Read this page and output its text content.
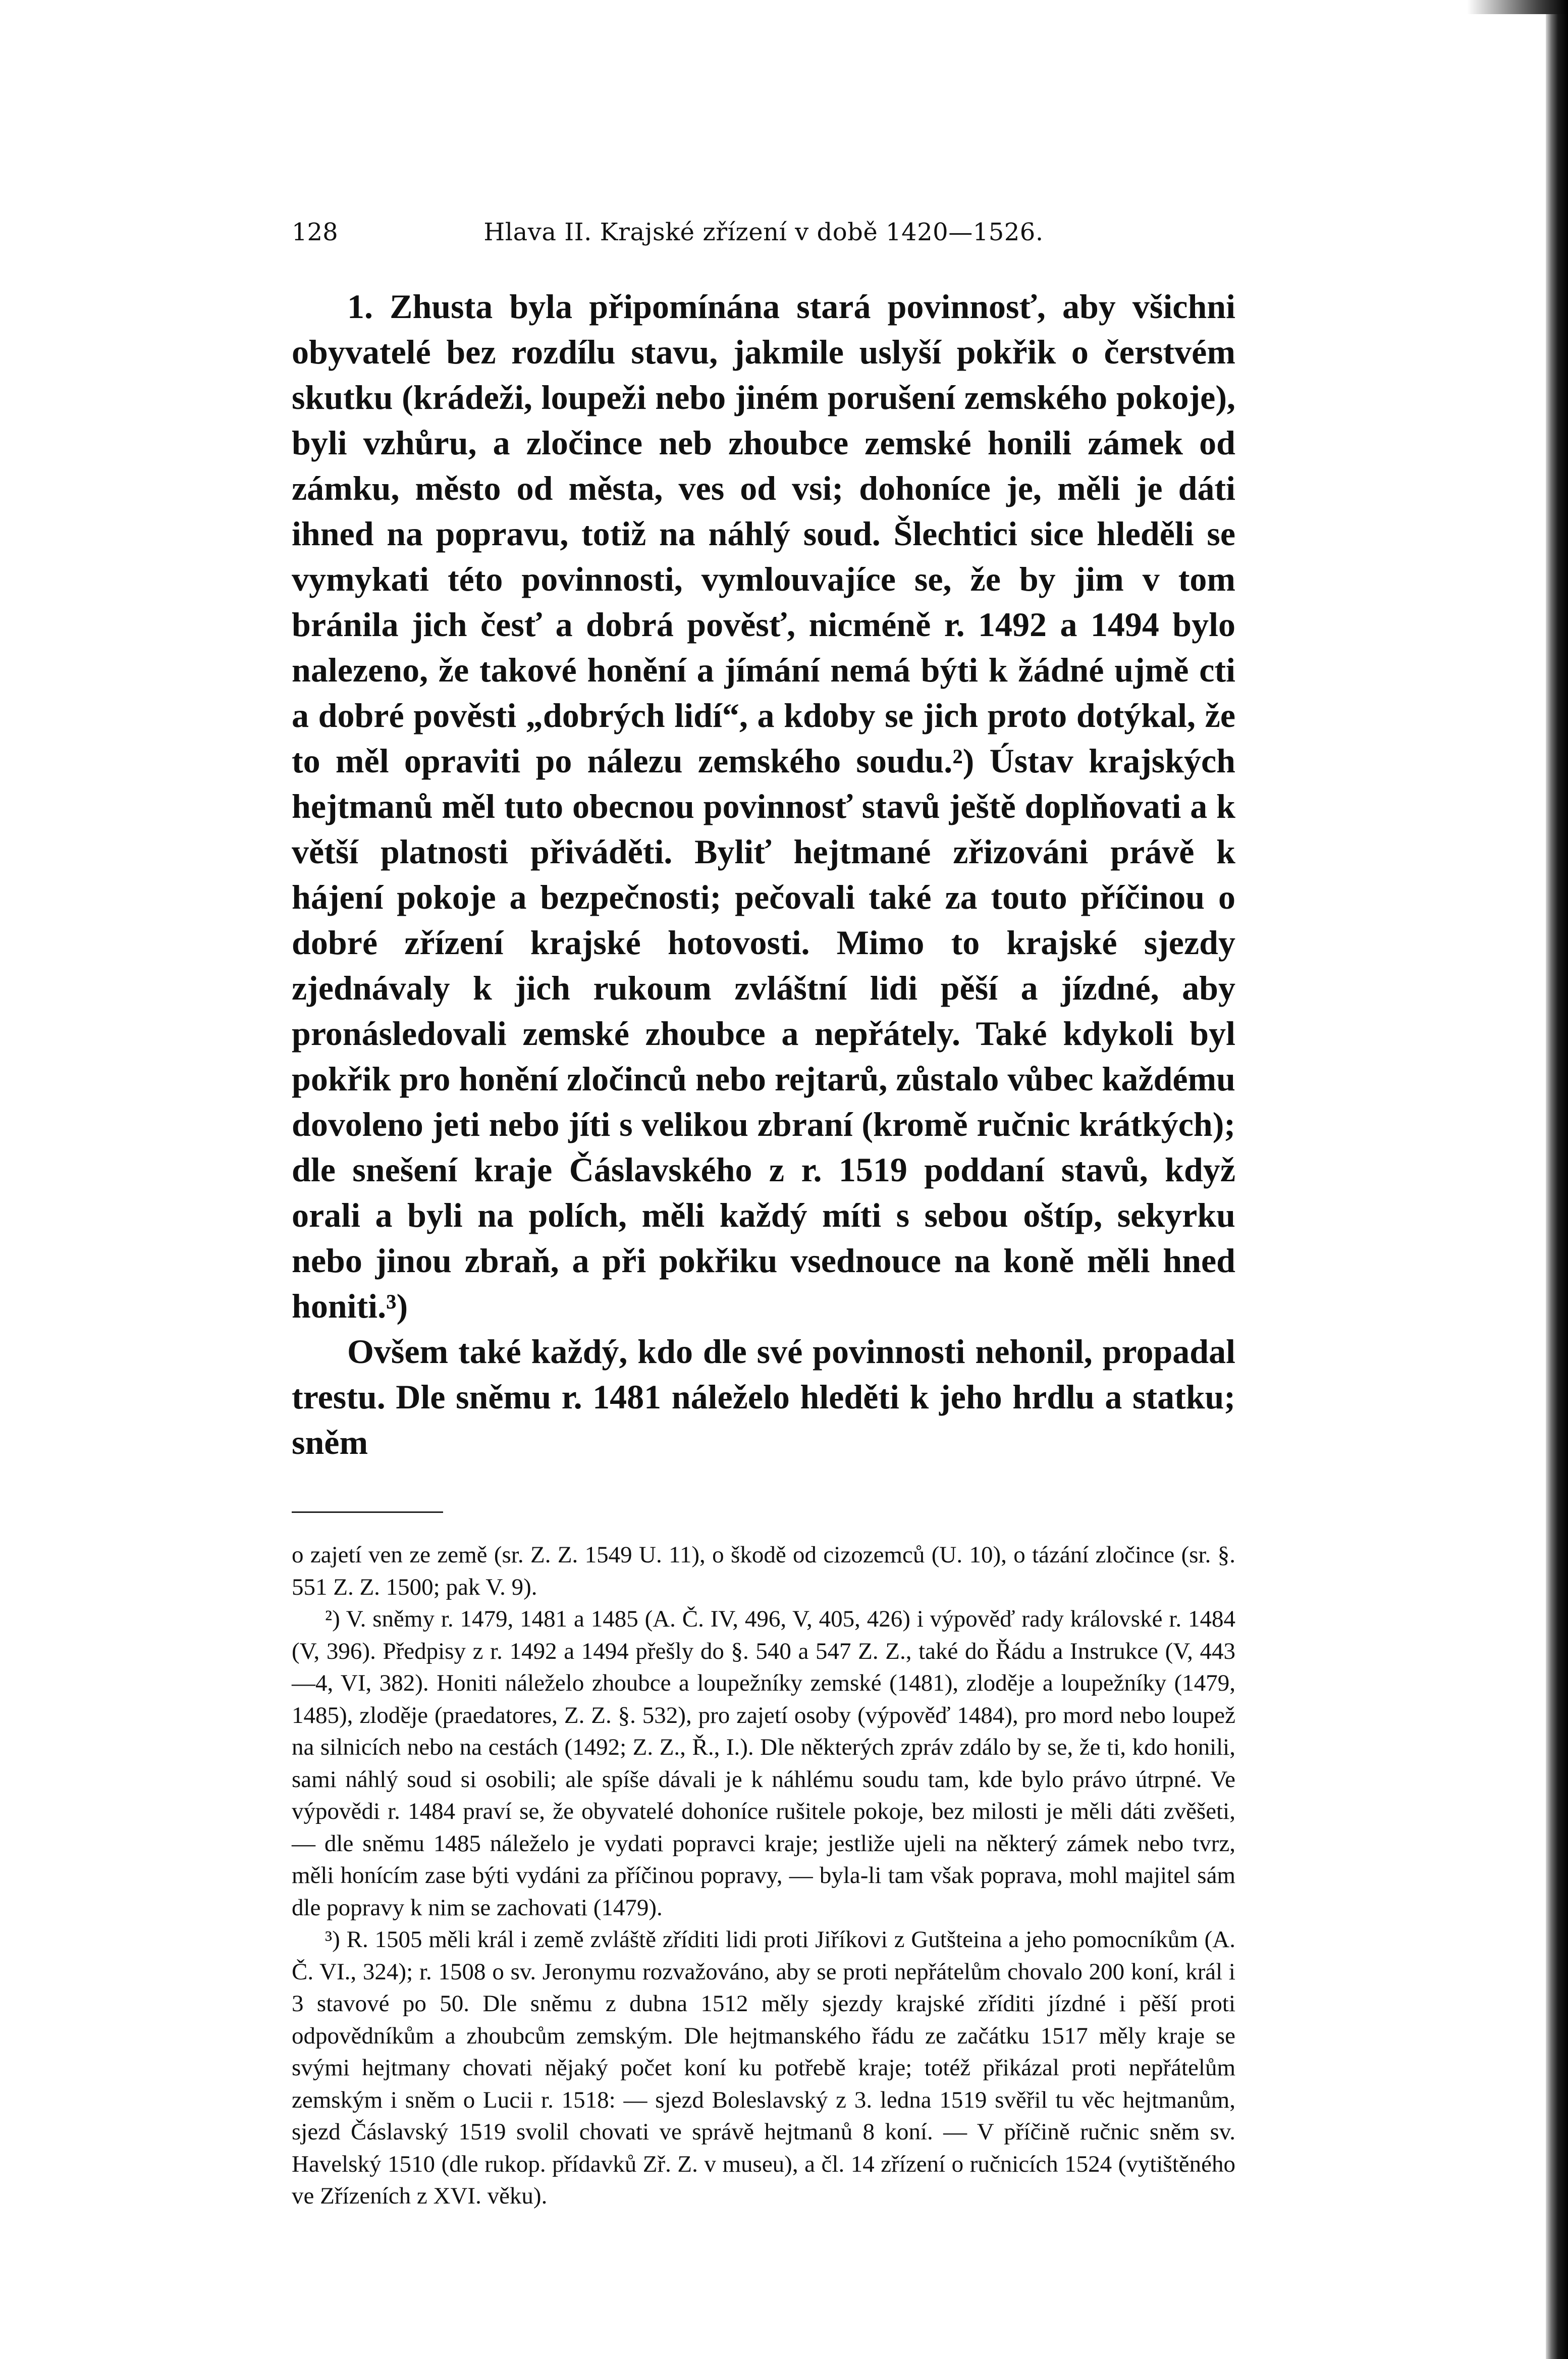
128	Hlava II. Krajské zřízení v době 1420—1526.

1. Zhusta byla připomínána stará povinnosť, aby všichni obyvatelé bez rozdílu stavu, jakmile uslyší pokřik o čerstvém skutku (krádeži, loupeži nebo jiném porušení zemského pokoje), byli vzhůru, a zločince neb zhoubce zemské honili zámek od zámku, město od města, ves od vsi; dohoníce je, měli je dáti ihned na popravu, totiž na náhlý soud. Šlechtici sice hleděli se vymykati této povinnosti, vymlouvajíce se, že by jim v tom bránila jich česť a dobrá pověsť, nicméně r. 1492 a 1494 bylo nalezeno, že takové honění a jímání nemá býti k žádné ujmě cti a dobré pověsti „dobrých lidí“, a kdoby se jich proto dotýkal, že to měl opraviti po nálezu zemského soudu.²) Ústav krajských hejtmanů měl tuto obecnou povinnosť stavů ještě doplňovati a k větší platnosti přiváděti. Byliť hejtmané zřizováni právě k hájení pokoje a bezpečnosti; pečovali také za touto příčinou o dobré zřízení krajské hotovosti. Mimo to krajské sjezdy zjednávaly k jich rukoum zvláštní lidi pěší a jízdné, aby pronásledovali zemské zhoubce a nepřátely. Také kdykoli byl pokřik pro honění zločinců nebo rejtarů, zůstalo vůbec každému dovoleno jeti nebo jíti s velikou zbraní (kromě ručnic krátkých); dle snešení kraje Čáslavského z r. 1519 poddaní stavů, když orali a byli na polích, měli každý míti s sebou oštíp, sekyrku nebo jinou zbraň, a při pokřiku vsednouce na koně měli hned honiti.³)

Ovšem také každý, kdo dle své povinnosti nehonil, propadal trestu. Dle sněmu r. 1481 náleželo hleděti k jeho hrdlu a statku; sněm

o zajetí ven ze země (sr. Z. Z. 1549 U. 11), o škodě od cizozemců (U. 10), o tázání zločince (sr. §. 551 Z. Z. 1500; pak V. 9).

²) V. sněmy r. 1479, 1481 a 1485 (A. Č. IV, 496, V, 405, 426) i výpověď rady královské r. 1484 (V, 396). Předpisy z r. 1492 a 1494 přešly do §. 540 a 547 Z. Z., také do Řádu a Instrukce (V, 443—4, VI, 382). Honiti náleželo zhoubce a loupežníky zemské (1481), zloděje a loupežníky (1479, 1485), zloděje (praedatores, Z. Z. §. 532), pro zajetí osoby (výpověď 1484), pro mord nebo loupež na silnicích nebo na cestách (1492; Z. Z., Ř., I.). Dle některých zpráv zdálo by se, že ti, kdo honili, sami náhlý soud si osobili; ale spíše dávali je k náhlému soudu tam, kde bylo právo útrpné. Ve výpovědi r. 1484 praví se, že obyvatelé dohoníce rušitele pokoje, bez milosti je měli dáti zvěšeti, — dle sněmu 1485 náleželo je vydati popravci kraje; jestliže ujeli na některý zámek nebo tvrz, měli honícím zase býti vydáni za příčinou popravy, — byla-li tam však poprava, mohl majitel sám dle popravy k nim se zachovati (1479).

³) R. 1505 měli král i země zvláště zříditi lidi proti Jiříkovi z Gutšteina a jeho pomocníkům (A. Č. VI., 324); r. 1508 o sv. Jeronymu rozvažováno, aby se proti nepřátelům chovalo 200 koní, král i 3 stavové po 50. Dle sněmu z dubna 1512 měly sjezdy krajské zříditi jízdné i pěší proti odpovědníkům a zhoubcům zemským. Dle hejtmanského řádu ze začátku 1517 měly kraje se svými hejtmany chovati nějaký počet koní ku potřebě kraje; totéž přikázal proti nepřátelům zemským i sněm o Lucii r. 1518: — sjezd Boleslavský z 3. ledna 1519 svěřil tu věc hejtmanům, sjezd Čáslavský 1519 svolil chovati ve správě hejtmanů 8 koní. — V příčině ručnic sněm sv. Havelský 1510 (dle rukop. přídavků Zř. Z. v museu), a čl. 14 zřízení o ručnicích 1524 (vytištěného ve Zřízeních z XVI. věku).
